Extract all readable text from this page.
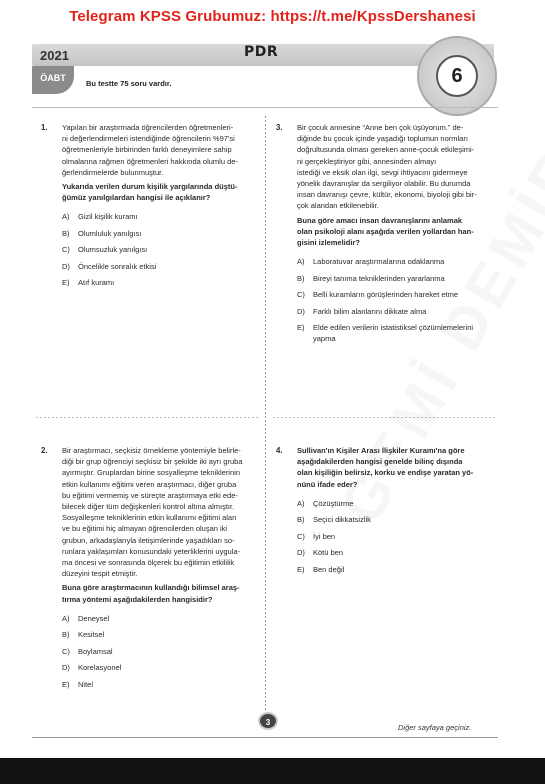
Telegram KPSS Grubumuz: https://t.me/KpssDershanesi
2021	PDR
ÖABT
Bu testte 75 soru vardır.	6
1. Yapılan bir araştırmada öğrencilerden öğretmenleri-
ni değerlendirmeleri istendiğinde öğrencilerin %97'si
öğretmenleriyle birbirinden farklı deneyimlere sahip
olmalarına rağmen öğretmenleri hakkında olumlu de-
ğerlendirmelerde bulunmuştur.
Yukarıda verilen durum kişilik yargılarında düştü-
ğümüz yanılgılardan hangisi ile açıklanır?
A) Gizil kişilik kuramı
B) Olumluluk yanılgısı
C) Olumsuzluk yanılgısı
D) Öncelikle sonralık etkisi
E) Atıf kuramı
2. Bir araştırmacı, seçkisiz örnekleme yöntemiyle belirle-
diği bir grup öğrenciyi seçkisiz bir şekilde iki ayrı gruba
ayırmıştır. Gruplardan birine sosyalleşme tekniklerinin
etkin kullanımı eğitimi veren araştırmacı, diğer gruba
bu eğitimi vermemiş ve süreçte araştırmaya etki ede-
bilecek diğer tüm değişkenleri kontrol altına almıştır.
Sosyalleşme tekniklerinin etkin kullanımı eğitimi alan
ve bu eğitimi hiç almayan öğrencilerden oluşan iki
grubun, arkadaşlarıyla iletişimlerinde yaşadıkları so-
runlara yaklaşımları konusundaki yeterliklerini uygula-
ma öncesi ve sonrasında ölçerek bu eğitimin etkililik
düzeyini tespit etmiştir.
Buna göre araştırmacının kullandığı bilimsel araş-
tırma yöntemi aşağıdakilerden hangisidir?
A) Deneysel
B) Kesitsel
C) Boylamsal
D) Korelasyonel
E) Nitel
3. Bir çocuk annesine “Anne ben çok üşüyorum.” de-
diğinde bu çocuk içinde yaşadığı toplumun normları
doğrultusunda olması gereken anne-çocuk etkileşimi-
ni gerçekleştiriyor gibi, annesinden almayı
istediği ve eksik olan ilgi, sevgi ihtiyacını gidermeye
yönelik davranışlar da sergiliyor olabilir. Bu durumda
insan davranışı çevre, kültür, ekonomi, biyoloji gibi bir-
çok alandan etkilenebilir.
Buna göre amacı insan davranışlarını anlamak
olan psikoloji alanı aşağıda verilen yollardan han-
gisini izlemelidir?
A) Laboratuvar araştırmalarına odaklanma
B) Bireyi tanıma tekniklerinden yararlanma
C) Belli kuramların görüşlerinden hareket etme
D) Farklı bilim alanlarını dikkate alma
E) Elde edilen verilerin istatistiksel çözümlemelerini
yapma
4. Sullivan'ın Kişiler Arası İlişkiler Kuramı'na göre
aşağıdakilerden hangisi genelde bilinç dışında
olan kişiliğin belirsiz, korku ve endişe yaratan yö-
nünü ifade eder?
A) Çözüştürme
B) Seçici dikkatsizlik
C) İyi ben
D) Kötü ben
E) Ben değil
3
Diğer sayfaya geçiniz.
